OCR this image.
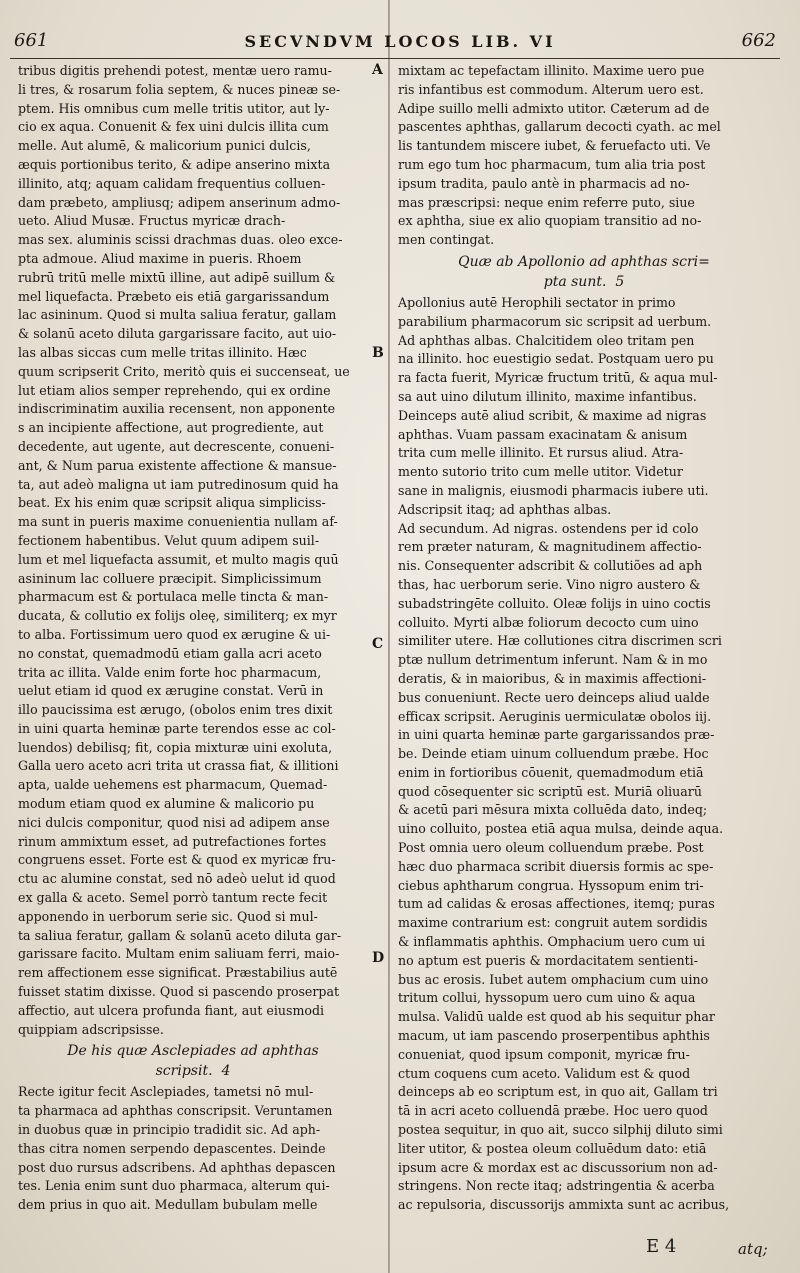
661	SECVNDVM LOCOS LIB. VI	662
A
B
C
D
tribus digitis prehendi potest, mentæ uero ramu-
li tres, & rosarum folia septem, & nuces pineæ se-
ptem. His omnibus cum melle tritis utitor, aut ly-
cio ex aqua. Conuenit & fex uini dulcis illita cum
melle. Aut alumē, & malicorium punici dulcis,
æquis portionibus terito, & adipe anserino mixta
illinito, atq; aquam calidam frequentius colluen-
dam præbeto, ampliusq; adipem anserinum admo-
ueto. Aliud Musæ. Fructus myricæ drach-
mas sex. aluminis scissi drachmas duas. oleo exce-
pta admoue. Aliud maxime in pueris. Rhoem
rubrū tritū melle mixtū illine, aut adipē suillum &
mel liquefacta. Præbeto eis etiā gargarissandum
lac asininum. Quod si multa saliua feratur, gallam
& solanū aceto diluta gargarissare facito, aut uio-
las albas siccas cum melle tritas illinito. Hæc
quum scripserit Crito, meritò quis ei succenseat, ue
lut etiam alios semper reprehendo, qui ex ordine
indiscriminatim auxilia recensent, non apponente
s an incipiente affectione, aut progrediente, aut
decedente, aut ugente, aut decrescente, conueni-
ant, & Num parua existente affectione & mansue-
ta, aut adeò maligna ut iam putredinosum quid ha
beat. Ex his enim quæ scripsit aliqua simpliciss-
ma sunt in pueris maxime conuenientia nullam af-
fectionem habentibus. Velut quum adipem suil-
lum et mel liquefacta assumit, et multo magis quū
asininum lac colluere præcipit. Simplicissimum
pharmacum est & portulaca melle tincta & man-
ducata, & collutio ex folijs oleę, similiterq; ex myr
to alba. Fortissimum uero quod ex ærugine & ui-
no constat, quemadmodū etiam galla acri aceto
trita ac illita. Valde enim forte hoc pharmacum,
uelut etiam id quod ex ærugine constat. Verū in
illo paucissima est ærugo, (obolos enim tres dixit
in uini quarta heminæ parte terendos esse ac col-
luendos) debilisq; fit, copia mixturæ uini exoluta,
Galla uero aceto acri trita ut crassa fiat, & illitioni
apta, ualde uehemens est pharmacum, Quemad-
modum etiam quod ex alumine & malicorio pu
nici dulcis componitur, quod nisi ad adipem anse
rinum ammixtum esset, ad putrefactiones fortes
congruens esset. Forte est & quod ex myricæ fru-
ctu ac alumine constat, sed nō adeò uelut id quod
ex galla & aceto. Semel porrò tantum recte fecit
apponendo in uerborum serie sic. Quod si mul-
ta saliua feratur, gallam & solanū aceto diluta gar-
garissare facito. Multam enim saliuam ferri, maio-
rem affectionem esse significat. Præstabilius autē
fuisset statim dixisse. Quod si pascendo proserpat
affectio, aut ulcera profunda fiant, aut eiusmodi
quippiam adscripsisse.
De his quæ Asclepiades ad aphthas
scripsit. 4
Recte igitur fecit Asclepiades, tametsi nō mul-
ta pharmaca ad aphthas conscripsit. Veruntamen
in duobus quæ in principio tradidit sic. Ad aph-
thas citra nomen serpendo depascentes. Deinde
post duo rursus adscribens. Ad aphthas depascen
tes. Lenia enim sunt duo pharmaca, alterum qui-
dem prius in quo ait. Medullam bubulam melle
mixtam ac tepefactam illinito. Maxime uero pue
ris infantibus est commodum. Alterum uero est.
Adipe suillo melli admixto utitor. Cæterum ad de
pascentes aphthas, gallarum decocti cyath. ac mel
lis tantundem miscere iubet, & feruefacto uti. Ve
rum ego tum hoc pharmacum, tum alia tria post
ipsum tradita, paulo antè in pharmacis ad no-
mas præscripsi: neque enim referre puto, siue
ex aphtha, siue ex alio quopiam transitio ad no-
men contingat.
Quæ ab Apollonio ad aphthas scri=
pta sunt. 5
Apollonius autē Herophili sectator in primo
parabilium pharmacorum sic scripsit ad uerbum.
Ad aphthas albas. Chalcitidem oleo tritam pen
na illinito. hoc euestigio sedat. Postquam uero pu
ra facta fuerit, Myricæ fructum tritū, & aqua mul-
sa aut uino dilutum illinito, maxime infantibus.
Deinceps autē aliud scribit, & maxime ad nigras
aphthas. Vuam passam exacinatam & anisum
trita cum melle illinito. Et rursus aliud. Atra-
mento sutorio trito cum melle utitor. Videtur
sane in malignis, eiusmodi pharmacis iubere uti.
Adscripsit itaq; ad aphthas albas.
Ad secundum. Ad nigras. ostendens per id colo
rem præter naturam, & magnitudinem affectio-
nis. Consequenter adscribit & collutiões ad aph
thas, hac uerborum serie. Vino nigro austero &
subadstringēte colluito. Oleæ folijs in uino coctis
colluito. Myrti albæ foliorum decocto cum uino
similiter utere. Hæ collutiones citra discrimen scri
ptæ nullum detrimentum inferunt. Nam & in mo
deratis, & in maioribus, & in maximis affectioni-
bus conueniunt. Recte uero deinceps aliud ualde
efficax scripsit. Aeruginis uermiculatæ obolos iij.
in uini quarta heminæ parte gargarissandos præ-
be. Deinde etiam uinum colluendum præbe. Hoc
enim in fortioribus cōuenit, quemadmodum etiā
quod cōsequenter sic scriptū est. Muriā oliuarū
& acetū pari mēsura mixta colluēda dato, indeq;
uino colluito, postea etiā aqua mulsa, deinde aqua.
Post omnia uero oleum colluendum præbe. Post
hæc duo pharmaca scribit diuersis formis ac spe-
ciebus aphtharum congrua. Hyssopum enim tri-
tum ad calidas & erosas affectiones, itemq; puras
maxime contrarium est: congruit autem sordidis
& inflammatis aphthis. Omphacium uero cum ui
no aptum est pueris & mordacitatem sentienti-
bus ac erosis. Iubet autem omphacium cum uino
tritum collui, hyssopum uero cum uino & aqua
mulsa. Validū ualde est quod ab his sequitur phar
macum, ut iam pascendo proserpentibus aphthis
conueniat, quod ipsum componit, myricæ fru-
ctum coquens cum aceto. Validum est & quod
deinceps ab eo scriptum est, in quo ait, Gallam tri
tā in acri aceto colluendā præbe. Hoc uero quod
postea sequitur, in quo ait, succo silphij diluto simi
liter utitor, & postea oleum colluēdum dato: etiā
ipsum acre & mordax est ac discussorium non ad-
stringens. Non recte itaq; adstringentia & acerba
ac repulsoria, discussorijs ammixta sunt ac acribus,
E 4	atq;
